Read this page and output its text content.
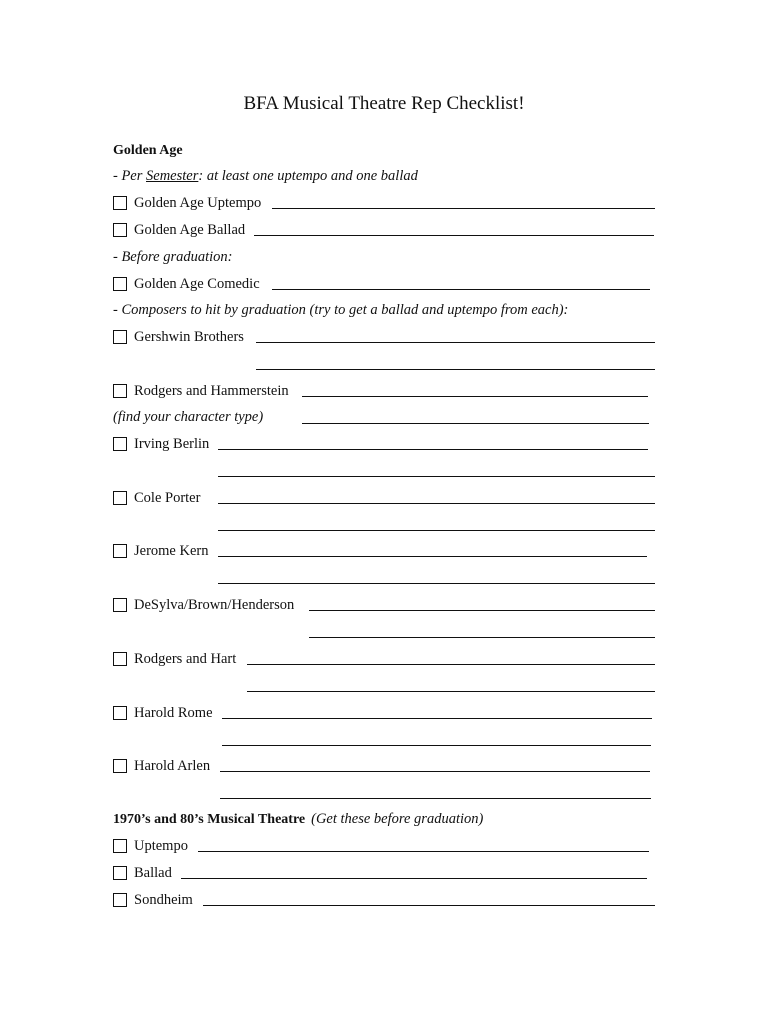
BFA Musical Theatre Rep Checklist!
Golden Age
- Per Semester: at least one uptempo and one ballad
Golden Age Uptempo
Golden Age Ballad
- Before graduation:
Golden Age Comedic
- Composers to hit by graduation (try to get a ballad and uptempo from each):
Gershwin Brothers
Rodgers and Hammerstein
(find your character type)
Irving Berlin
Cole Porter
Jerome Kern
DeSylva/Brown/Henderson
Rodgers and Hart
Harold Rome
Harold Arlen
1970’s and 80’s Musical Theatre (Get these before graduation)
Uptempo
Ballad
Sondheim
